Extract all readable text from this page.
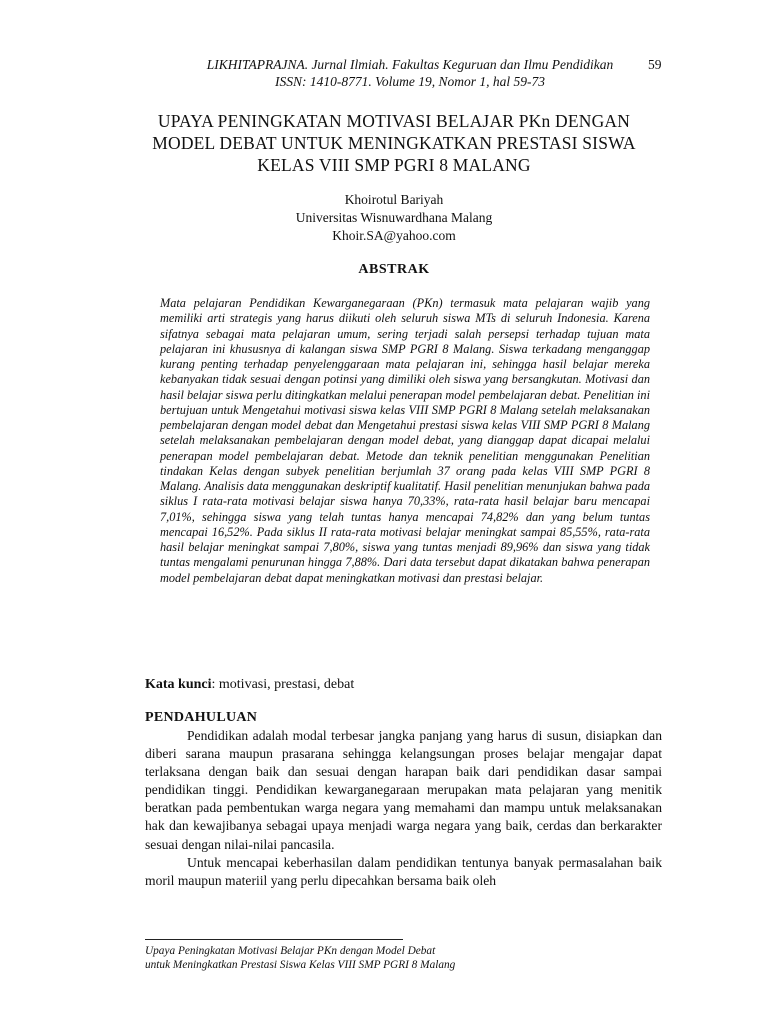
LIKHITAPRAJNA. Jurnal Ilmiah. Fakultas Keguruan dan Ilmu Pendidikan
ISSN: 1410-8771. Volume 19, Nomor 1, hal 59-73
59
UPAYA PENINGKATAN MOTIVASI BELAJAR PKn DENGAN
MODEL DEBAT UNTUK MENINGKATKAN PRESTASI SISWA
KELAS VIII SMP PGRI 8 MALANG
Khoirotul Bariyah
Universitas Wisnuwardhana Malang
Khoir.SA@yahoo.com
ABSTRAK
Mata pelajaran Pendidikan Kewarganegaraan (PKn) termasuk mata pelajaran wajib yang memiliki arti strategis yang harus diikuti oleh seluruh siswa MTs di seluruh Indonesia. Karena sifatnya sebagai mata pelajaran umum, sering terjadi salah persepsi terhadap tujuan mata pelajaran ini khususnya di kalangan siswa SMP PGRI 8 Malang. Siswa terkadang menganggap kurang penting terhadap penyelenggaraan mata pelajaran ini, sehingga hasil belajar mereka kebanyakan tidak sesuai dengan potinsi yang dimiliki oleh siswa yang bersangkutan. Motivasi dan hasil belajar siswa perlu ditingkatkan melalui penerapan model pembelajaran debat. Penelitian ini bertujuan untuk Mengetahui motivasi siswa kelas VIII SMP PGRI 8 Malang setelah melaksanakan pembelajaran dengan model debat dan Mengetahui prestasi siswa kelas VIII SMP PGRI 8 Malang setelah melaksanakan pembelajaran dengan model debat, yang dianggap dapat dicapai melalui penerapan model pembelajaran debat. Metode dan teknik penelitian menggunakan Penelitian tindakan Kelas dengan subyek penelitian berjumlah 37 orang pada kelas VIII SMP PGRI 8 Malang. Analisis data menggunakan deskriptif kualitatif. Hasil penelitian menunjukan bahwa pada siklus I rata-rata motivasi belajar siswa hanya 70,33%, rata-rata hasil belajar baru mencapai 7,01%, sehingga siswa yang telah tuntas hanya mencapai 74,82% dan yang belum tuntas mencapai 16,52%. Pada siklus II rata-rata motivasi belajar meningkat sampai 85,55%, rata-rata hasil belajar meningkat sampai 7,80%, siswa yang tuntas menjadi 89,96% dan siswa yang tidak tuntas mengalami penurunan hingga 7,88%. Dari data tersebut dapat dikatakan bahwa penerapan model pembelajaran debat dapat meningkatkan motivasi dan prestasi belajar.
Kata kunci: motivasi, prestasi, debat
PENDAHULUAN

Pendidikan adalah modal terbesar jangka panjang yang harus di susun, disiapkan dan diberi sarana maupun prasarana sehingga kelangsungan proses belajar mengajar dapat terlaksana dengan baik dan sesuai dengan harapan baik dari pendidikan dasar sampai pendidikan tinggi. Pendidikan kewarganegaraan merupakan mata pelajaran yang menitik beratkan pada pembentukan warga negara yang memahami dan mampu untuk melaksanakan hak dan kewajibanya sebagai upaya menjadi warga negara yang baik, cerdas dan berkarakter sesuai dengan nilai-nilai pancasila.

Untuk mencapai keberhasilan dalam pendidikan tentunya banyak permasalahan baik moril maupun materiil yang perlu dipecahkan bersama baik oleh

Upaya Peningkatan Motivasi Belajar PKn dengan Model Debat
untuk Meningkatkan Prestasi Siswa Kelas VIII SMP PGRI 8 Malang
